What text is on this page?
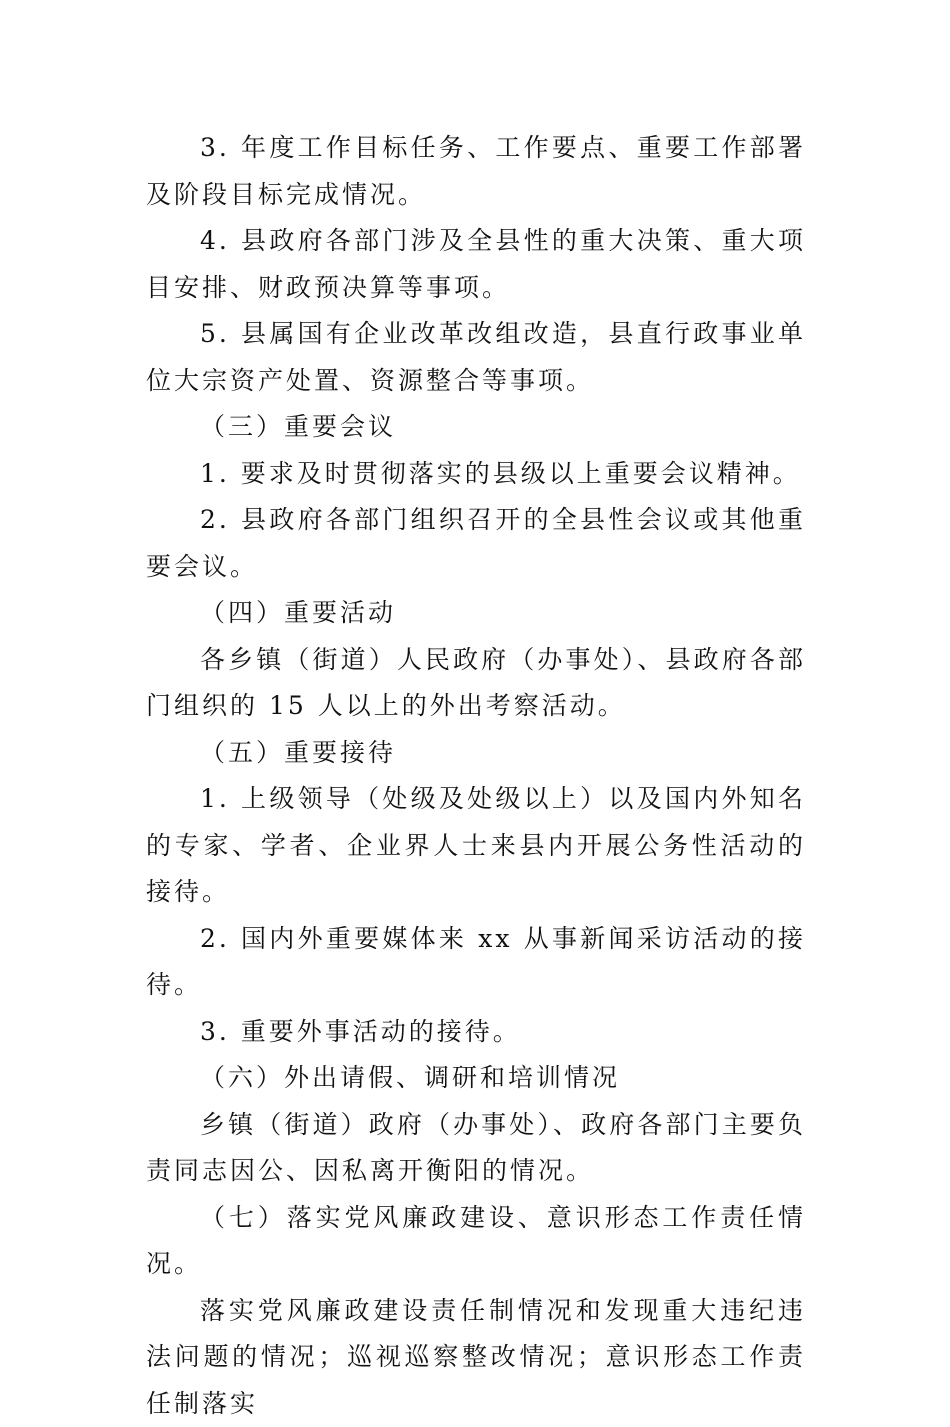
3. 年度工作目标任务、工作要点、重要工作部署及阶段目标完成情况。

4. 县政府各部门涉及全县性的重大决策、重大项目安排、财政预决算等事项。

5. 县属国有企业改革改组改造，县直行政事业单位大宗资产处置、资源整合等事项。

（三）重要会议

1. 要求及时贯彻落实的县级以上重要会议精神。

2. 县政府各部门组织召开的全县性会议或其他重要会议。

（四）重要活动

各乡镇（街道）人民政府（办事处）、县政府各部门组织的 15 人以上的外出考察活动。

（五）重要接待

1. 上级领导（处级及处级以上）以及国内外知名的专家、学者、企业界人士来县内开展公务性活动的接待。

2. 国内外重要媒体来 xx 从事新闻采访活动的接待。

3. 重要外事活动的接待。

（六）外出请假、调研和培训情况

乡镇（街道）政府（办事处）、政府各部门主要负责同志因公、因私离开衡阳的情况。

（七）落实党风廉政建设、意识形态工作责任情况。

落实党风廉政建设责任制情况和发现重大违纪违法问题的情况；巡视巡察整改情况；意识形态工作责任制落实
